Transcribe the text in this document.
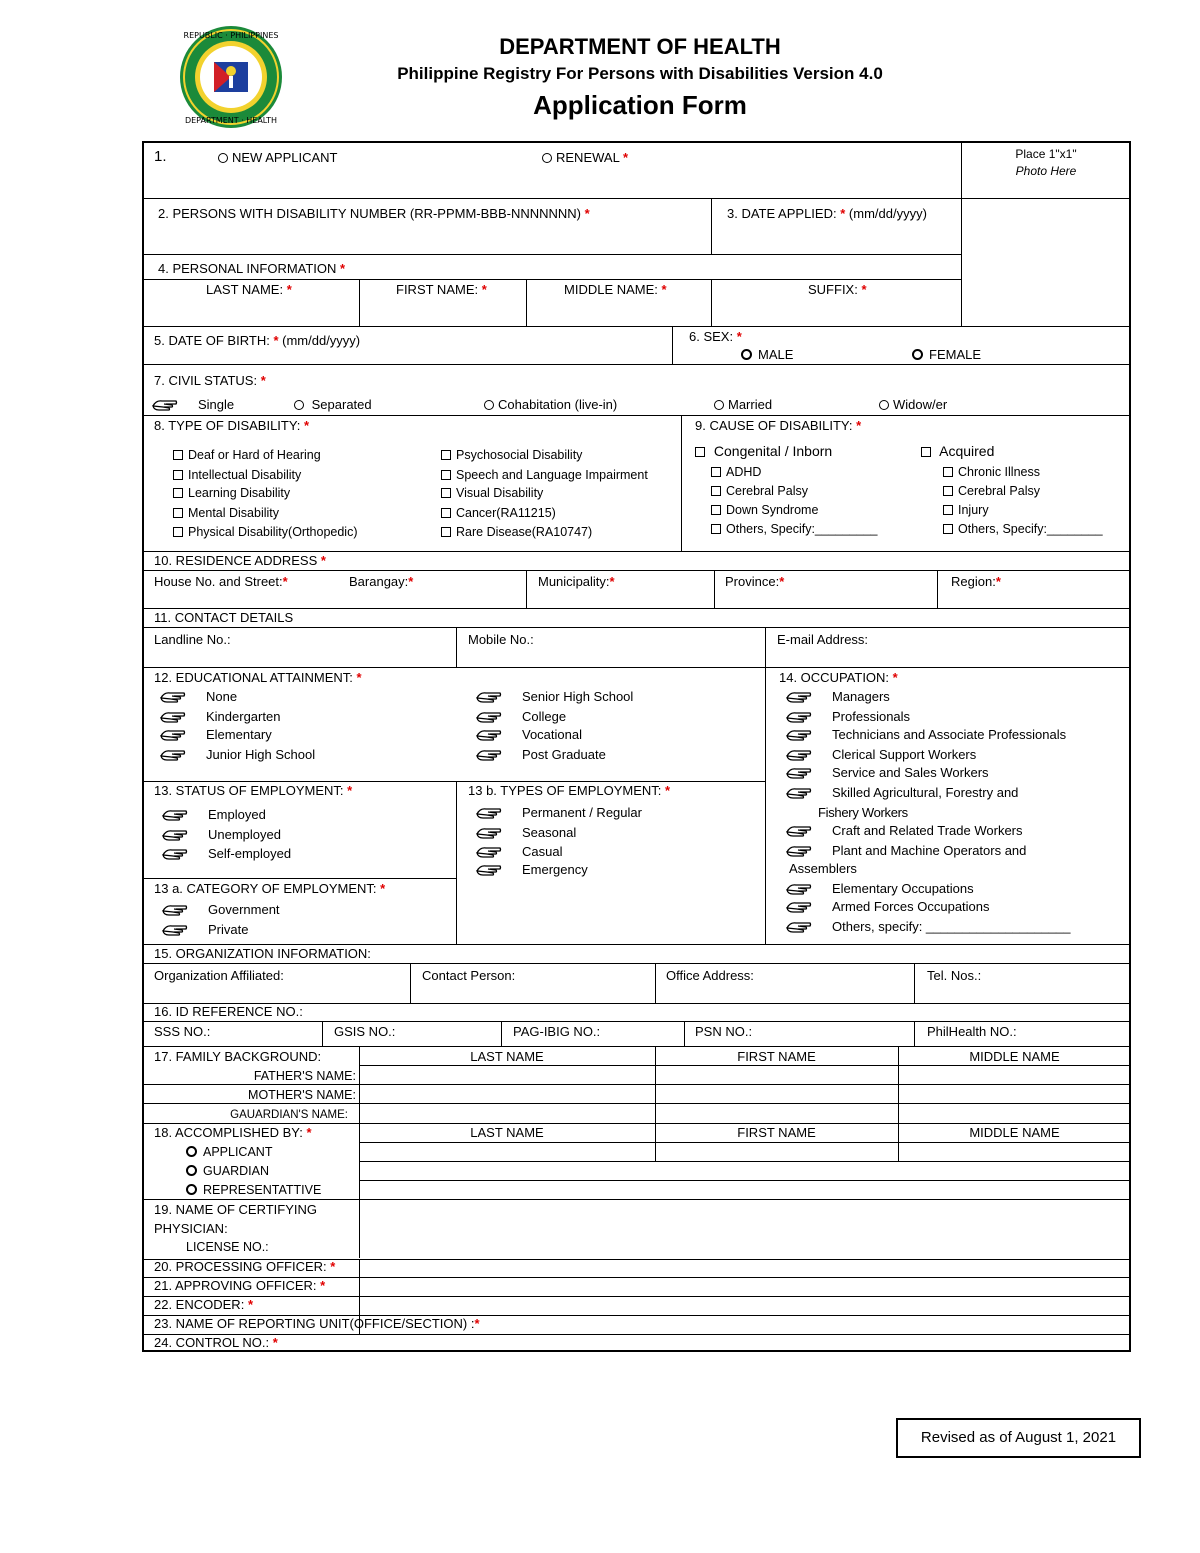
REPUBLIC · PHILIPPINES
DEPARTMENT · HEALTH
DEPARTMENT OF HEALTH
Philippine Registry For Persons with Disabilities Version 4.0
Application Form
1.	NEW APPLICANT	RENEWAL *	Place 1"x1"
Photo Here
2. PERSONS WITH DISABILITY NUMBER (RR-PPMM-BBB-NNNNNNN) *	3. DATE APPLIED: * (mm/dd/yyyy)
4. PERSONAL INFORMATION *
LAST NAME: *	FIRST NAME: *	MIDDLE NAME: *	SUFFIX: *
5. DATE OF BIRTH: * (mm/dd/yyyy)	6. SEX: *
MALE	FEMALE
7. CIVIL STATUS: *
Single	Separated	Cohabitation (live-in)	Married	Widow/er
8. TYPE OF DISABILITY: *
Deaf or Hard of Hearing
Intellectual Disability
Learning Disability
Mental Disability
Physical Disability(Orthopedic)
Psychosocial Disability
Speech and Language Impairment
Visual Disability
Cancer(RA11215)
Rare Disease(RA10747)
9. CAUSE OF DISABILITY: *
Congenital / Inborn	Acquired
ADHD
Cerebral Palsy
Down Syndrome
Others, Specify:_________
Chronic Illness
Cerebral Palsy
Injury
Others, Specify:________
10. RESIDENCE ADDRESS *
House No. and Street:*	Barangay:*	Municipality:*	Province:*	Region:*
11. CONTACT DETAILS
Landline No.:	Mobile No.:	E-mail Address:
12. EDUCATIONAL ATTAINMENT: *
None
Kindergarten
Elementary
Junior High School
Senior High School
College
Vocational
Post Graduate
13. STATUS OF EMPLOYMENT: *
Employed
Unemployed
Self-employed
13 b. TYPES OF EMPLOYMENT: *
Permanent / Regular
Seasonal
Casual
Emergency
13 a. CATEGORY OF EMPLOYMENT: *
Government
Private
14. OCCUPATION: *
Managers
Professionals
Technicians and Associate Professionals
Clerical Support Workers
Service and Sales Workers
Skilled Agricultural, Forestry and
Fishery Workers
Craft and Related Trade Workers
Plant and Machine Operators and
Assemblers
Elementary Occupations
Armed Forces Occupations
Others, specify: ____________________
15. ORGANIZATION INFORMATION:
Organization Affiliated:	Contact Person:	Office Address:	Tel. Nos.:
16. ID REFERENCE NO.:
SSS NO.:	GSIS NO.:	PAG-IBIG NO.:	PSN NO.:	PhilHealth NO.:
17. FAMILY BACKGROUND:	LAST NAME	FIRST NAME	MIDDLE NAME
FATHER'S NAME:
MOTHER'S NAME:
GAUARDIAN'S NAME:
18. ACCOMPLISHED BY: *	LAST NAME	FIRST NAME	MIDDLE NAME
APPLICANT
GUARDIAN
REPRESENTATTIVE
19. NAME OF CERTIFYING
PHYSICIAN:
LICENSE NO.:
20. PROCESSING OFFICER: *
21. APPROVING OFFICER: *
22. ENCODER: *
23. NAME OF REPORTING UNIT(OFFICE/SECTION) :*
24. CONTROL NO.: *
Revised as of August 1, 2021
